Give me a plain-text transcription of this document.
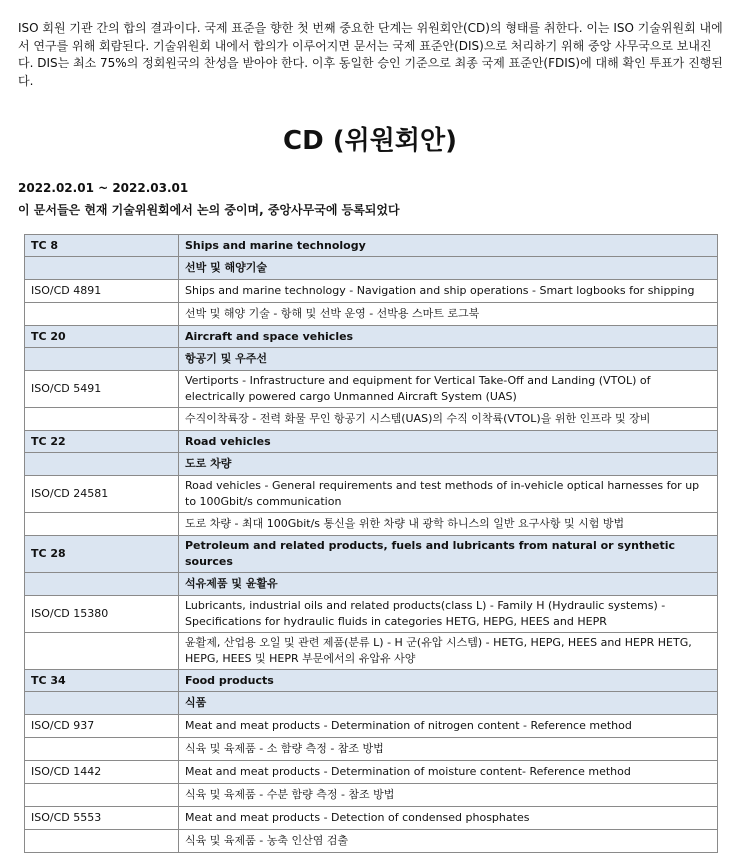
ISO 회원 기관 간의 합의 결과이다. 국제 표준을 향한 첫 번째 중요한 단계는 위원회안(CD)의 형태를 취한다. 이는 ISO 기술위원회 내에서 연구를 위해 회람된다. 기술위원회 내에서 합의가 이루어지면 문서는 국제 표준안(DIS)으로 처리하기 위해 중앙 사무국으로 보내진다. DIS는 최소 75%의 정회원국의 찬성을 받아야 한다. 이후 동일한 승인 기준으로 최종 국제 표준안(FDIS)에 대해 확인 투표가 진행된다.

CD (위원회안)

2022.02.01 ~ 2022.03.01

이 문서들은 현재 기술위원회에서 논의 중이며, 중앙사무국에 등록되었다

TC 8	Ships and marine technology
	선박 및 해양기술
ISO/CD 4891	Ships and marine technology - Navigation and ship operations - Smart logbooks for shipping
	선박 및 해양 기술 - 항해 및 선박 운영 - 선박용 스마트 로그북
TC 20	Aircraft and space vehicles
	항공기 및 우주선
ISO/CD 5491	Vertiports - Infrastructure and equipment for Vertical Take-Off and Landing (VTOL) of electrically powered cargo Unmanned Aircraft System (UAS)
	수직이착륙장 - 전력 화물 무인 항공기 시스템(UAS)의 수직 이착륙(VTOL)을 위한 인프라 및 장비
TC 22	Road vehicles
	도로 차량
ISO/CD 24581	Road vehicles - General requirements and test methods of in-vehicle optical harnesses for up to 100Gbit/s communication
	도로 차량 - 최대 100Gbit/s 통신을 위한 차량 내 광학 하니스의 일반 요구사항 및 시험 방법
TC 28	Petroleum and related products, fuels and lubricants from natural or synthetic sources
	석유제품 및 윤활유
ISO/CD 15380	Lubricants, industrial oils and related products(class L) - Family H (Hydraulic systems) - Specifications for hydraulic fluids in categories HETG, HEPG, HEES and HEPR
	윤활제, 산업용 오일 및 관련 제품(분류 L) - H 군(유압 시스템) - HETG, HEPG, HEES and HEPR HETG, HEPG, HEES 및 HEPR 부문에서의 유압유 사양
TC 34	Food products
	식품
ISO/CD 937	Meat and meat products - Determination of nitrogen content - Reference method
	식육 및 육제품 - 소 함량 측정 - 참조 방법
ISO/CD 1442	Meat and meat products - Determination of moisture content- Reference method
	식육 및 육제품 - 수분 함량 측정 - 참조 방법
ISO/CD 5553	Meat and meat products - Detection of condensed phosphates
	식육 및 육제품 - 농축 인산염 검출
